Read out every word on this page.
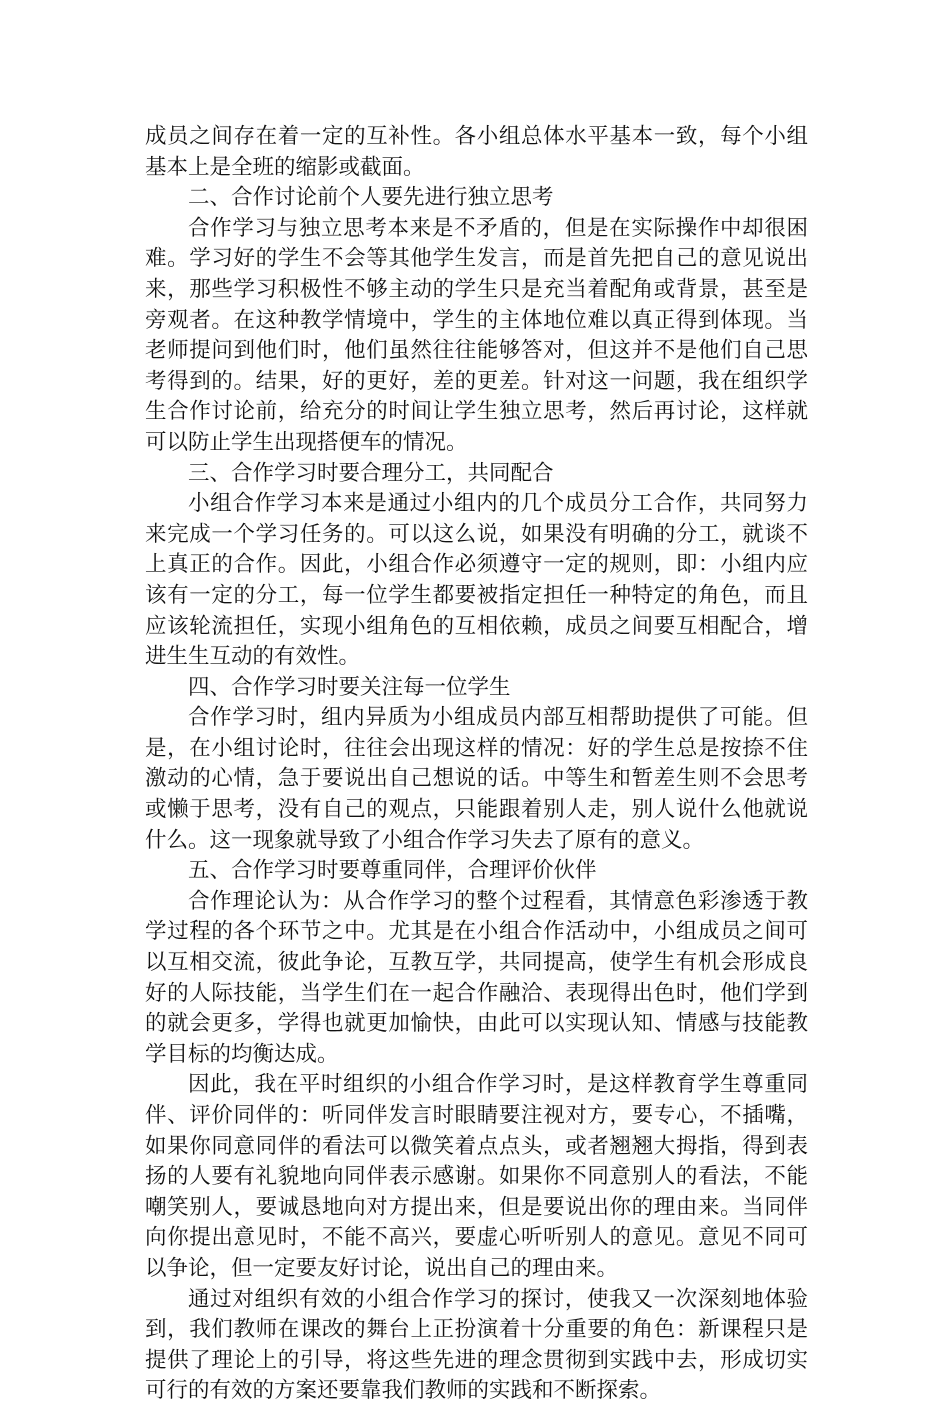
成员之间存在着一定的互补性。各小组总体水平基本一致，每个小组基本上是全班的缩影或截面。

二、合作讨论前个人要先进行独立思考

合作学习与独立思考本来是不矛盾的，但是在实际操作中却很困难。学习好的学生不会等其他学生发言，而是首先把自己的意见说出来，那些学习积极性不够主动的学生只是充当着配角或背景，甚至是旁观者。在这种教学情境中，学生的主体地位难以真正得到体现。当老师提问到他们时，他们虽然往往能够答对，但这并不是他们自己思考得到的。结果，好的更好，差的更差。针对这一问题，我在组织学生合作讨论前，给充分的时间让学生独立思考，然后再讨论，这样就可以防止学生出现搭便车的情况。

三、合作学习时要合理分工，共同配合

小组合作学习本来是通过小组内的几个成员分工合作，共同努力来完成一个学习任务的。可以这么说，如果没有明确的分工，就谈不上真正的合作。因此，小组合作必须遵守一定的规则，即：小组内应该有一定的分工，每一位学生都要被指定担任一种特定的角色，而且应该轮流担任，实现小组角色的互相依赖，成员之间要互相配合，增进生生互动的有效性。

四、合作学习时要关注每一位学生

合作学习时，组内异质为小组成员内部互相帮助提供了可能。但是，在小组讨论时，往往会出现这样的情况：好的学生总是按捺不住激动的心情，急于要说出自己想说的话。中等生和暂差生则不会思考或懒于思考，没有自己的观点，只能跟着别人走，别人说什么他就说什么。这一现象就导致了小组合作学习失去了原有的意义。

五、合作学习时要尊重同伴，合理评价伙伴

合作理论认为：从合作学习的整个过程看，其情意色彩渗透于教学过程的各个环节之中。尤其是在小组合作活动中，小组成员之间可以互相交流，彼此争论，互教互学，共同提高，使学生有机会形成良好的人际技能，当学生们在一起合作融洽、表现得出色时，他们学到的就会更多，学得也就更加愉快，由此可以实现认知、情感与技能教学目标的均衡达成。

因此，我在平时组织的小组合作学习时，是这样教育学生尊重同伴、评价同伴的：听同伴发言时眼睛要注视对方，要专心，不插嘴，如果你同意同伴的看法可以微笑着点点头，或者翘翘大拇指，得到表扬的人要有礼貌地向同伴表示感谢。如果你不同意别人的看法，不能嘲笑别人，要诚恳地向对方提出来，但是要说出你的理由来。当同伴向你提出意见时，不能不高兴，要虚心听听别人的意见。意见不同可以争论，但一定要友好讨论，说出自己的理由来。

通过对组织有效的小组合作学习的探讨，使我又一次深刻地体验到，我们教师在课改的舞台上正扮演着十分重要的角色：新课程只是提供了理论上的引导，将这些先进的理念贯彻到实践中去，形成切实可行的有效的方案还要靠我们教师的实践和不断探索。
